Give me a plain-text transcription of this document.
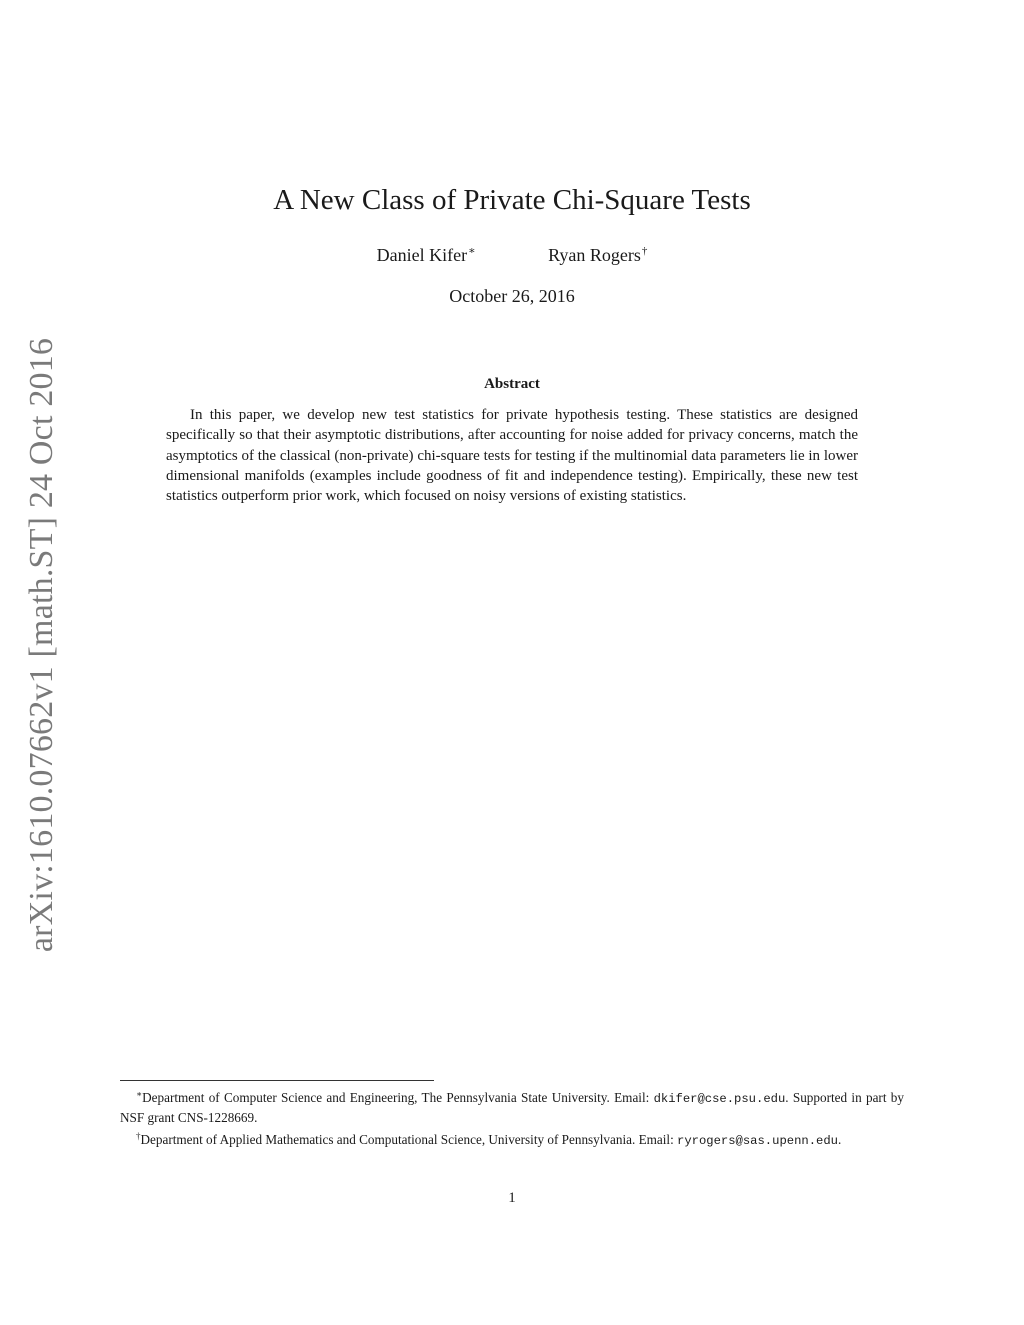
arXiv:1610.07662v1 [math.ST] 24 Oct 2016
A New Class of Private Chi-Square Tests
Daniel Kifer∗	Ryan Rogers†
October 26, 2016
Abstract
In this paper, we develop new test statistics for private hypothesis testing. These statistics are designed specifically so that their asymptotic distributions, after accounting for noise added for privacy concerns, match the asymptotics of the classical (non-private) chi-square tests for testing if the multinomial data parameters lie in lower dimensional manifolds (examples include goodness of fit and independence testing). Empirically, these new test statistics outperform prior work, which focused on noisy versions of existing statistics.

∗Department of Computer Science and Engineering, The Pennsylvania State University. Email: dkifer@cse.psu.edu. Supported in part by NSF grant CNS-1228669.

†Department of Applied Mathematics and Computational Science, University of Pennsylvania. Email: ryrogers@sas.upenn.edu.

1
